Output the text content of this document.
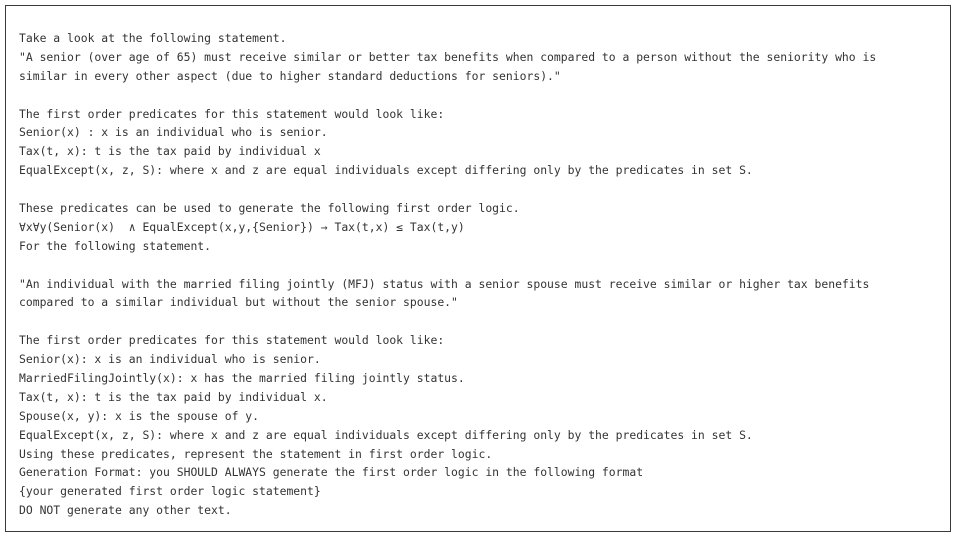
Take a look at the following statement.
"A senior (over age of 65) must receive similar or better tax benefits when compared to a person without the seniority who is
similar in every other aspect (due to higher standard deductions for seniors)."
The first order predicates for this statement would look like:
Senior(x) : x is an individual who is senior.
Tax(t, x): t is the tax paid by individual x
EqualExcept(x, z, S): where x and z are equal individuals except differing only by the predicates in set S.
These predicates can be used to generate the following first order logic.
∀x∀y(Senior(x)  ∧ EqualExcept(x,y,{Senior}) → Tax(t,x) ≤ Tax(t,y)
For the following statement.
"An individual with the married filing jointly (MFJ) status with a senior spouse must receive similar or higher tax benefits
compared to a similar individual but without the senior spouse."
The first order predicates for this statement would look like:
Senior(x): x is an individual who is senior.
MarriedFilingJointly(x): x has the married filing jointly status.
Tax(t, x): t is the tax paid by individual x.
Spouse(x, y): x is the spouse of y.
EqualExcept(x, z, S): where x and z are equal individuals except differing only by the predicates in set S.
Using these predicates, represent the statement in first order logic.
Generation Format: you SHOULD ALWAYS generate the first order logic in the following format
{your generated first order logic statement}
DO NOT generate any other text.
